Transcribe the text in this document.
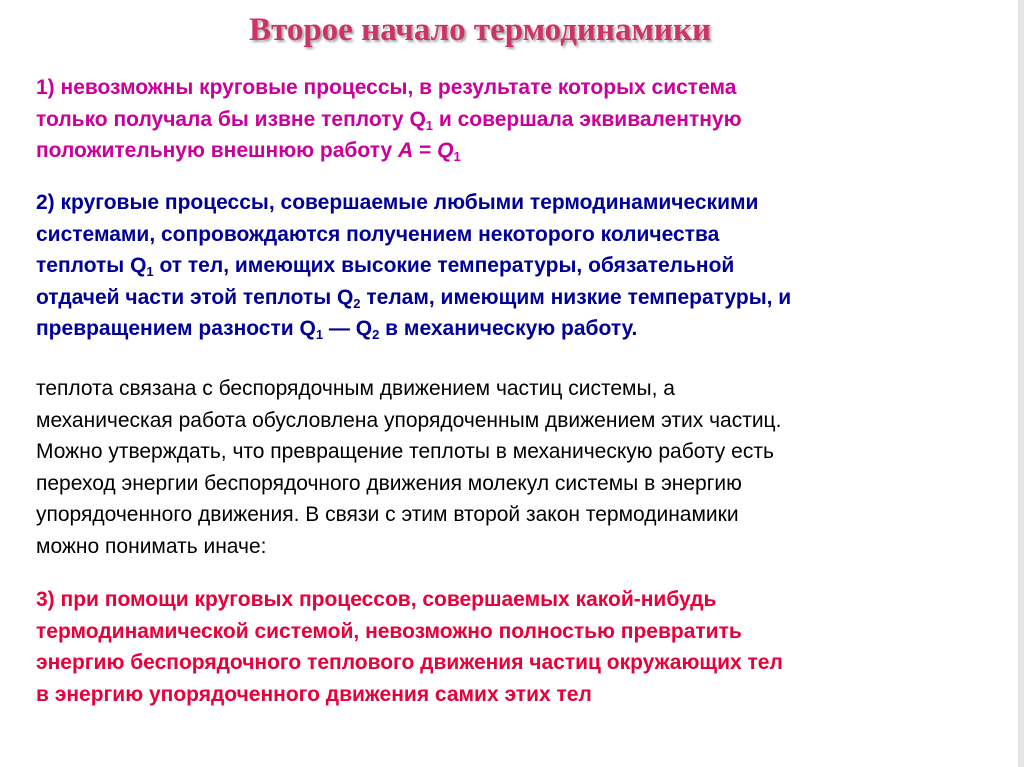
Второе начало термодинамики
1) невозможны круговые процессы, в результате которых система
только получала бы извне теплоту $Q_1$ и совершала эквивалентную
положительную внешнюю работу $А = Q_1$
2) круговые процессы, совершаемые любыми термодинамическими
системами, сопровождаются получением некоторого количества
теплоты $Q_1$ от тел, имеющих высокие температуры, обязательной
отдачей части этой теплоты $Q_2$ телам, имеющим низкие температуры, и
превращением разности $Q_1$ — $Q_2$ в механическую работу.
теплота связана с беспорядочным движением частиц системы, а
механическая работа обусловлена упорядоченным движением этих частиц.
Можно утверждать, что превращение теплоты в механическую работу есть
переход энергии беспорядочного движения молекул системы в энергию
упорядоченного движения. В связи с этим второй закон термодинамики
можно понимать иначе:
3) при помощи круговых процессов, совершаемых какой-нибудь
термодинамической системой, невозможно полностью превратить
энергию беспорядочного теплового движения частиц окружающих тел
в энергию упорядоченного движения самих этих тел
